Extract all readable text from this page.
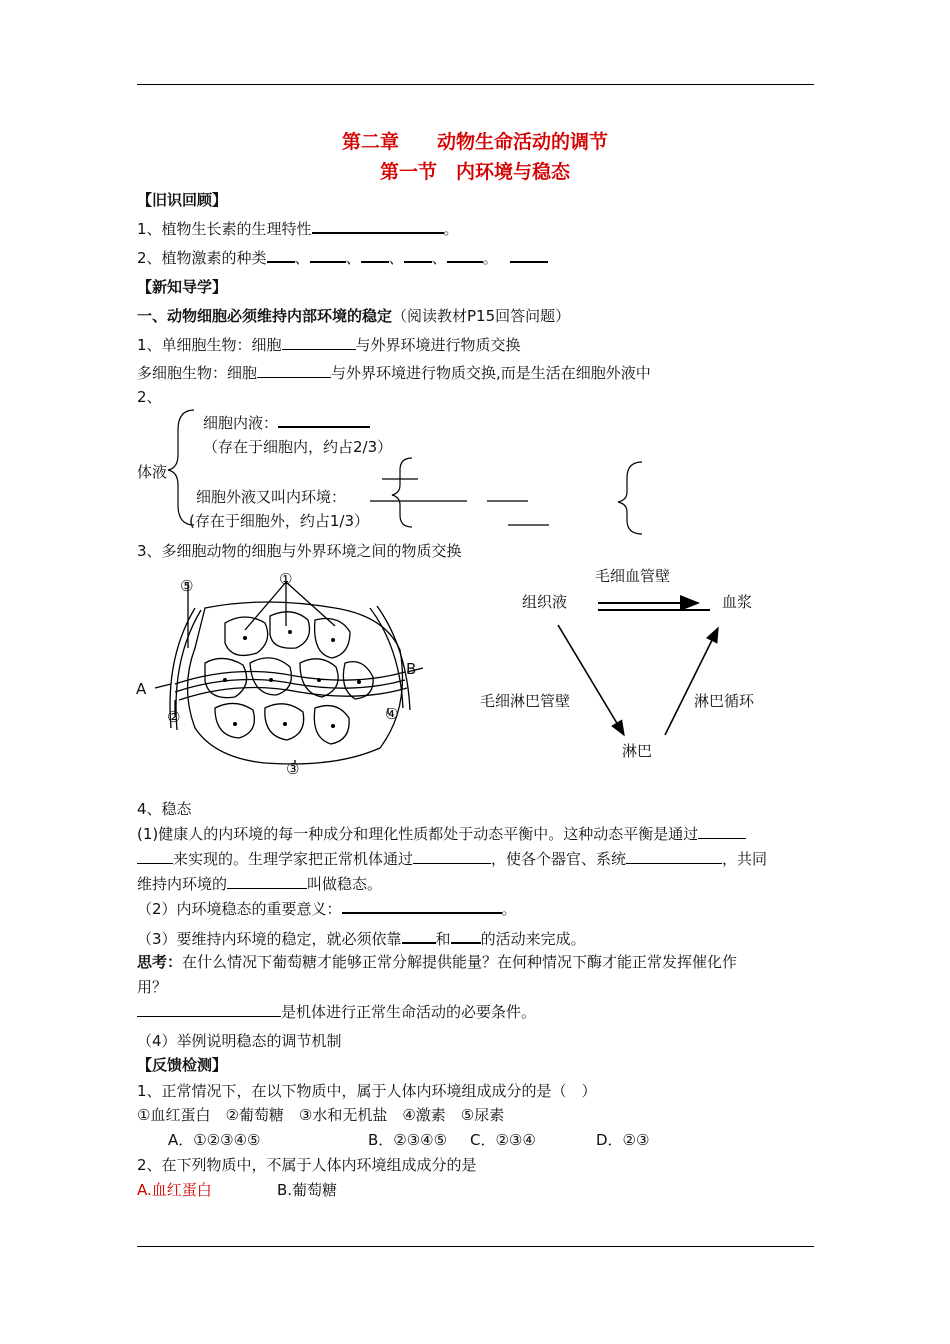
第二章　　动物生命活动的调节
第一节　内环境与稳态
【旧识回顾】
1、植物生长素的生理特性	。
2、植物激素的种类 、 、 、 、 。
【新知导学】
一、动物细胞必须维持内部环境的稳定（阅读教材P15回答问题）
1、单细胞生物：细胞	与外界环境进行物质交换
多细胞生物：细胞	与外界环境进行物质交换,而是生活在细胞外液中
2、
体液
细胞内液：
（存在于细胞内，约占2/3）
细胞外液又叫内环境：
(存在于细胞外，约占1/3）
3、多细胞动物的细胞与外界环境之间的物质交换
⑤	①
A
②
B
④
③
毛细血管壁
组织液	血浆
毛细淋巴管壁	淋巴循环
淋巴
4、稳态
(1)健康人的内环境的每一种成分和理化性质都处于动态平衡中。这种动态平衡是通过
来实现的。生理学家把正常机体通过	，使各个器官、系统	，共同
维持内环境的	叫做稳态。
（2）内环境稳态的重要意义：	。
（3）要维持内环境的稳定，就必须依靠 和 的活动来完成。
思考：在什么情况下葡萄糖才能够正常分解提供能量？在何种情况下酶才能正常发挥催化作
用？
是机体进行正常生命活动的必要条件。
（4）举例说明稳态的调节机制
【反馈检测】
1、正常情况下，在以下物质中，属于人体内环境组成成分的是（　）
①血红蛋白　②葡萄糖　③水和无机盐　④激素　⑤尿素
A．①②③④⑤	B．②③④⑤ C．②③④	D．②③
2、在下列物质中，不属于人体内环境组成成分的是
A.血红蛋白	B.葡萄糖
